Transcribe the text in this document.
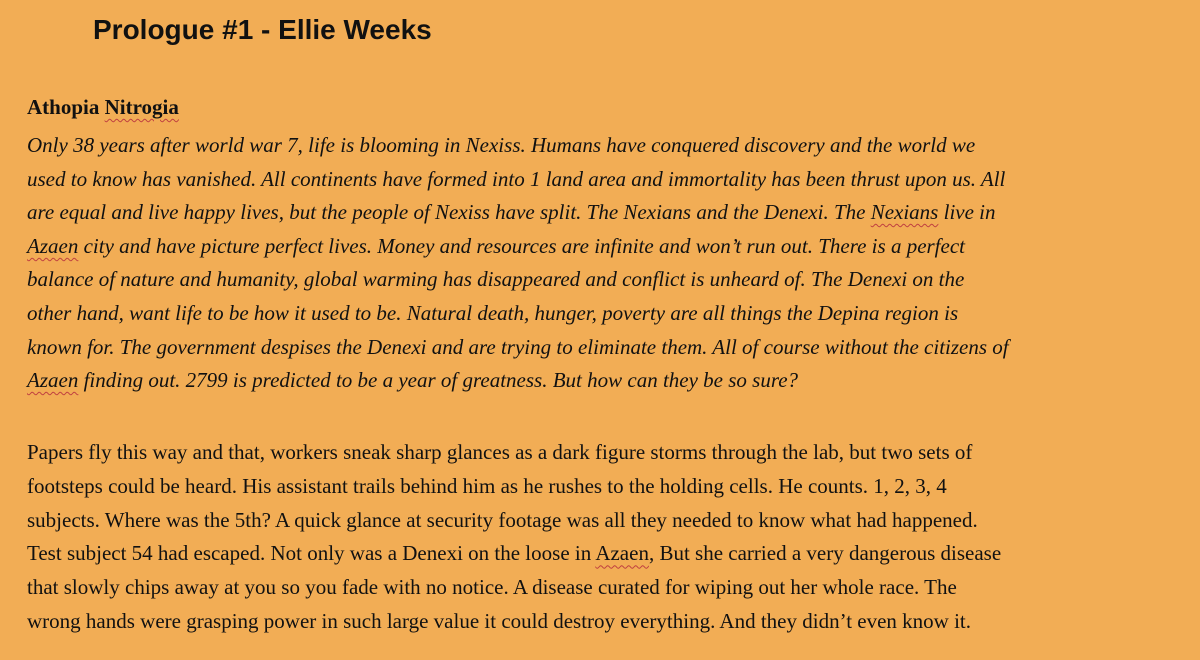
Prologue #1 - Ellie Weeks
Athopia Nitrogia
Only 38 years after world war 7, life is blooming in Nexiss. Humans have conquered discovery and the world we
used to know has vanished. All continents have formed into 1 land area and immortality has been thrust upon us. All
are equal and live happy lives, but the people of Nexiss have split. The Nexians and the Denexi. The Nexians live in
Azaen city and have picture perfect lives. Money and resources are infinite and won’t run out. There is a perfect
balance of nature and humanity, global warming has disappeared and conflict is unheard of. The Denexi on the
other hand, want life to be how it used to be. Natural death, hunger, poverty are all things the Depina region is
known for. The government despises the Denexi and are trying to eliminate them. All of course without the citizens of
Azaen finding out. 2799 is predicted to be a year of greatness. But how can they be so sure?
Papers fly this way and that, workers sneak sharp glances as a dark figure storms through the lab, but two sets of
footsteps could be heard. His assistant trails behind him as he rushes to the holding cells. He counts. 1, 2, 3, 4
subjects. Where was the 5th? A quick glance at security footage was all they needed to know what had happened.
Test subject 54 had escaped. Not only was a Denexi on the loose in Azaen, But she carried a very dangerous disease
that slowly chips away at you so you fade with no notice. A disease curated for wiping out her whole race. The
wrong hands were grasping power in such large value it could destroy everything. And they didn’t even know it.
